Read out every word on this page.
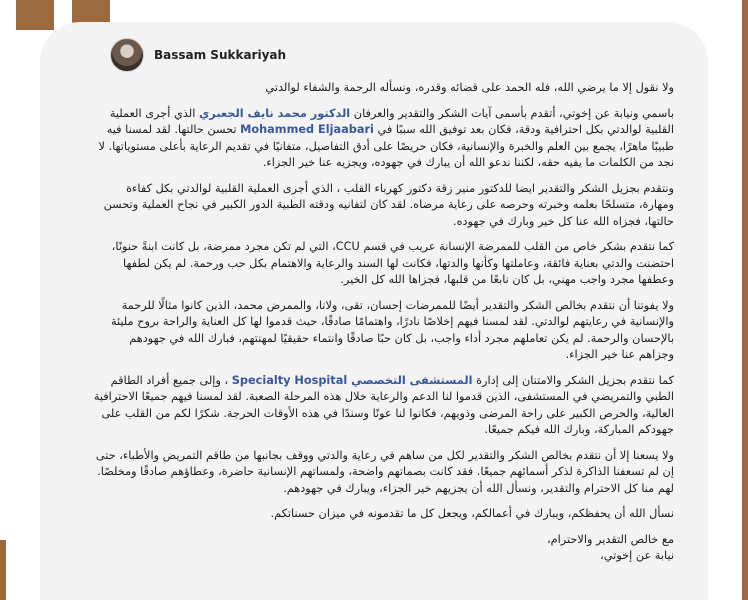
Bassam Sukkariyah

ولا نقول إلا ما يرضي الله، فله الحمد على قضائه وقدره، ونسأله الرحمة والشفاء لوالدتي

باسمي ونيابة عن إخوتي، أتقدم بأسمى آيات الشكر والتقدير والعرفان الدكتور محمد نايف الجعبري الذي أجرى العملية القلبية لوالدتي بكل احترافية ودقة، فكان بعد توفيق الله سببًا في Mohammed Eljaabari تحسن حالتها. لقد لمسنا فيه طبيبًا ماهرًا، يجمع بين العلم والخبرة والإنسانية، فكان حريصًا على أدق التفاصيل، متفانيًا في تقديم الرعاية بأعلى مستوياتها. لا نجد من الكلمات ما يفيه حقه، لكننا ندعو الله أن يبارك في جهوده، ويجزيه عنا خير الجزاء.

ونتقدم بجزيل الشكر والتقدير ايضا للدكتور منير زقة دكتور كهرباء القلب ، الذي أجرى العملية القلبية لوالدتي بكل كفاءة ومهارة، متسلحًا بعلمه وخبرته وحرصه على رعاية مرضاه. لقد كان لتفانيه ودقته الطبية الدور الكبير في نجاح العملية وتحسن حالتها، فجزاه الله عنا كل خير وبارك في جهوده.

كما نتقدم بشكر خاص من القلب للممرضة الإنسانة عريب في قسم CCU، التي لم تكن مجرد ممرضة، بل كانت ابنةً حنونًا، احتضنت والدتي بعناية فائقة، وعاملتها وكأنها والدتها، فكانت لها السند والرعاية والاهتمام بكل حب ورحمة. لم يكن لطفها وعطفها مجرد واجب مهني، بل كان نابعًا من قلبها، فجزاها الله كل الخير.

ولا يفوتنا أن نتقدم بخالص الشكر والتقدير أيضًا للممرضات إحسان، تقى، ولانا، والممرض محمد، الذين كانوا مثالًا للرحمة والإنسانية في رعايتهم لوالدتي. لقد لمسنا فيهم إخلاصًا نادرًا، واهتمامًا صادقًا، حيث قدموا لها كل العناية والراحة بروح مليئة بالإحسان والرحمة. لم يكن تعاملهم مجرد أداء واجب، بل كان حبًا صادقًا وانتماء حقيقيًا لمهنتهم، فبارك الله في جهودهم وجزاهم عنا خير الجزاء.

كما نتقدم بجزيل الشكر والامتنان إلى إدارة المستشفى التخصصي Specialty Hospital ، وإلى جميع أفراد الطاقم الطبي والتمريضي في المستشفى، الذين قدموا لنا الدعم والرعاية خلال هذه المرحلة الصعبة. لقد لمسنا فيهم جميعًا الاحترافية العالية، والحرص الكبير على راحة المرضى وذويهم، فكانوا لنا عونًا وسندًا في هذه الأوقات الحرجة. شكرًا لكم من القلب على جهودكم المباركة، وبارك الله فيكم جميعًا.

ولا يسعنا إلا أن نتقدم بخالص الشكر والتقدير لكل من ساهم في رعاية والدتي ووقف بجانبها من طاقم التمريض والأطباء، حتى إن لم تسعفنا الذاكرة لذكر أسمائهم جميعًا. فقد كانت بصماتهم واضحة، ولمساتهم الإنسانية حاضرة، وعطاؤهم صادقًا ومخلصًا. لهم منا كل الاحترام والتقدير، ونسأل الله أن يجزيهم خير الجزاء، ويبارك في جهودهم.

نسأل الله أن يحفظكم، ويبارك في أعمالكم، ويجعل كل ما تقدمونه في ميزان حسناتكم.

مع خالص التقدير والاحترام،
نيابة عن إخوتي،
